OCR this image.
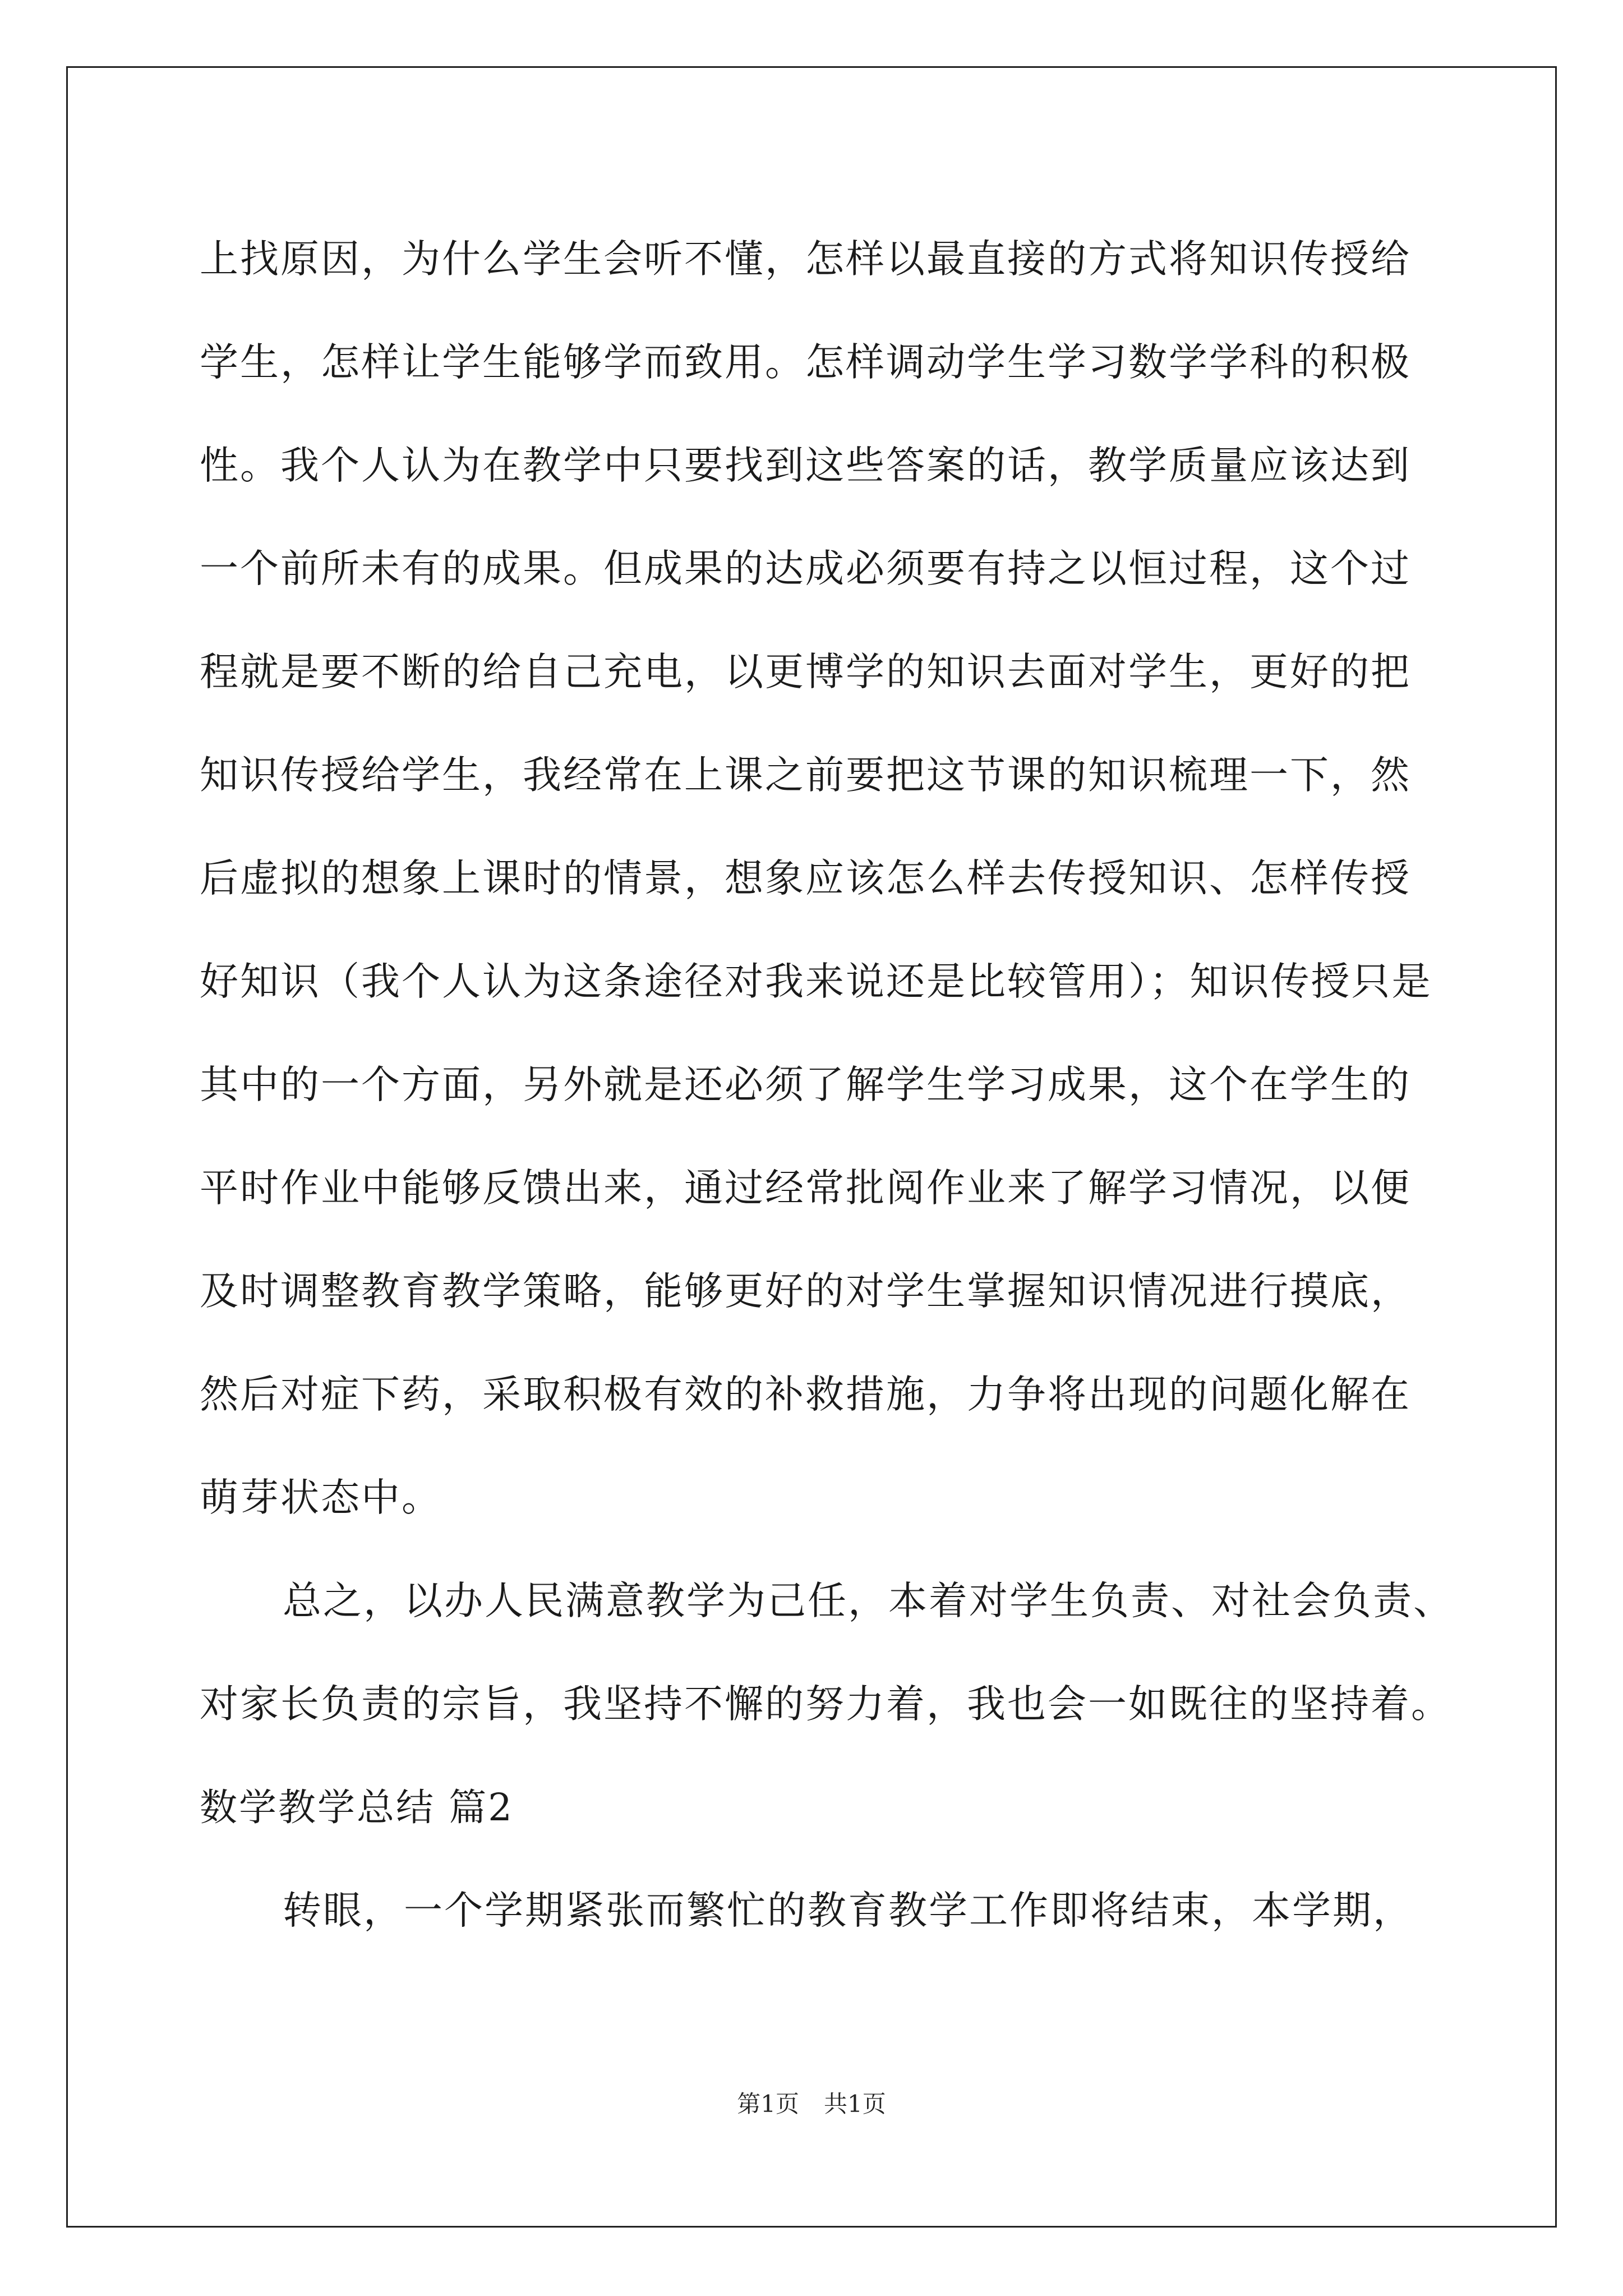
上找原因，为什么学生会听不懂，怎样以最直接的方式将知识传授给
学生，怎样让学生能够学而致用。怎样调动学生学习数学学科的积极
性。我个人认为在教学中只要找到这些答案的话，教学质量应该达到
一个前所未有的成果。但成果的达成必须要有持之以恒过程，这个过
程就是要不断的给自己充电，以更博学的知识去面对学生，更好的把
知识传授给学生，我经常在上课之前要把这节课的知识梳理一下，然
后虚拟的想象上课时的情景，想象应该怎么样去传授知识、怎样传授
好知识（我个人认为这条途径对我来说还是比较管用）；知识传授只是
其中的一个方面，另外就是还必须了解学生学习成果，这个在学生的
平时作业中能够反馈出来，通过经常批阅作业来了解学习情况，以便
及时调整教育教学策略，能够更好的对学生掌握知识情况进行摸底，
然后对症下药，采取积极有效的补救措施，力争将出现的问题化解在
萌芽状态中。
总之，以办人民满意教学为己任，本着对学生负责、对社会负责、
对家长负责的宗旨，我坚持不懈的努力着，我也会一如既往的坚持着。
数学教学总结 篇2
转眼，一个学期紧张而繁忙的教育教学工作即将结束，本学期，
第1页 共1页
